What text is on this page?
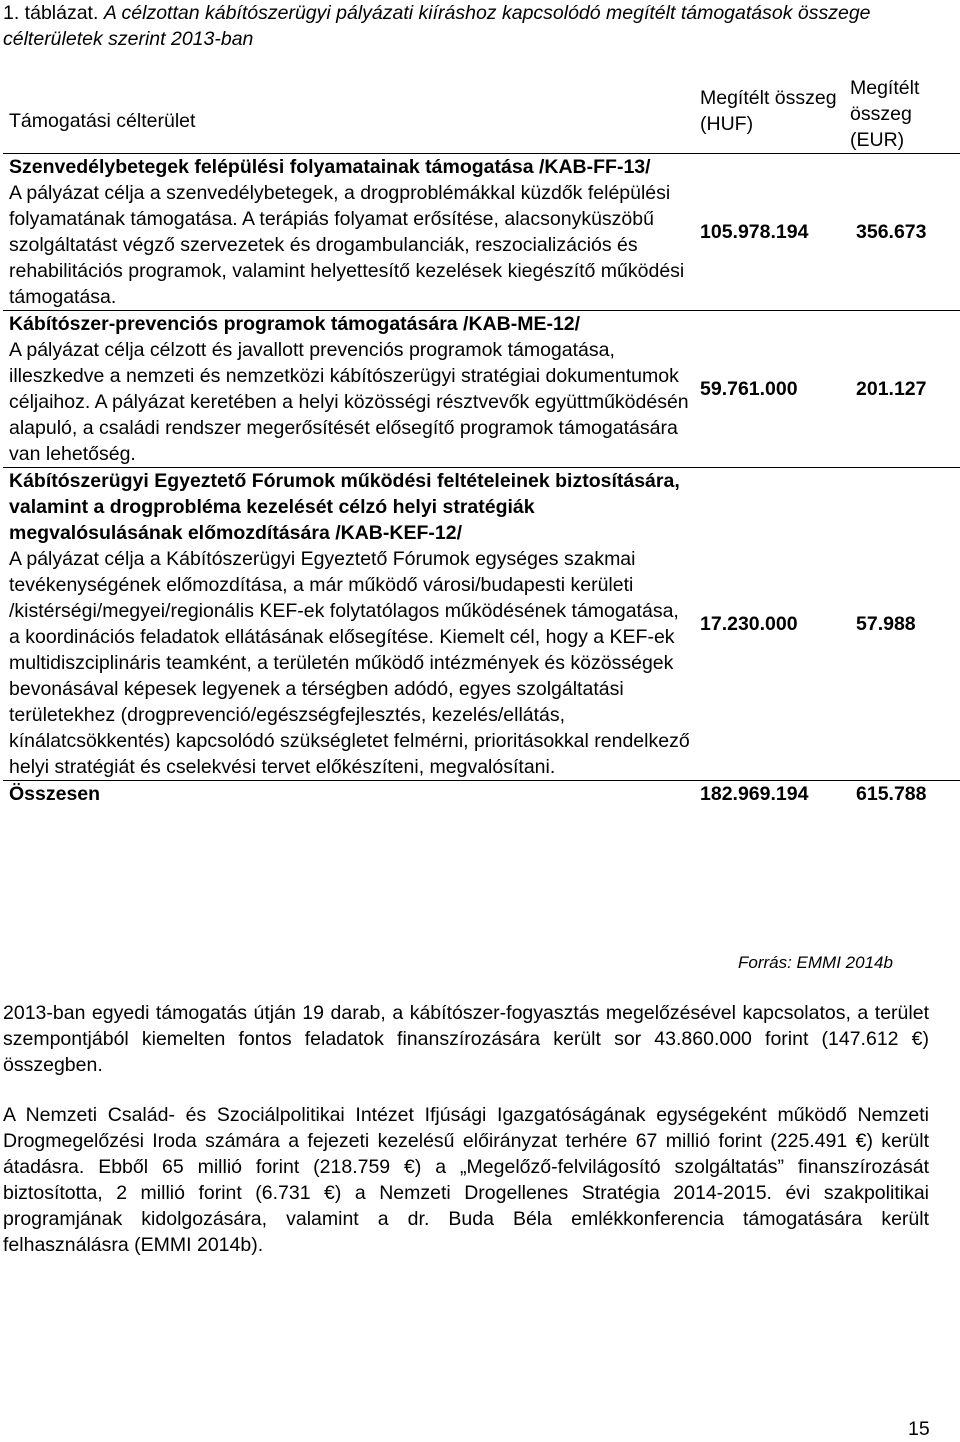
1. táblázat. A célzottan kábítószerügyi pályázati kiíráshoz kapcsolódó megítélt támogatások összege célterületek szerint 2013-ban
Támogatási célterület	Megítélt összeg (HUF)	Megítélt
összeg
(EUR)

Szenvedélybetegek felépülési folyamatainak támogatása /KAB-FF-13/
A pályázat célja a szenvedélybetegek, a drogproblémákkal küzdők felépülési folyamatának támogatása. A terápiás folyamat erősítése, alacsonyküszöbű szolgáltatást végző szervezetek és drogambulanciák, reszocializációs és rehabilitációs programok, valamint helyettesítő kezelések kiegészítő működési támogatása.	105.978.194	356.673

Kábítószer-prevenciós programok támogatására /KAB-ME-12/
A pályázat célja célzott és javallott prevenciós programok támogatása, illeszkedve a nemzeti és nemzetközi kábítószerügyi stratégiai dokumentumok céljaihoz. A pályázat keretében a helyi közösségi résztvevők együttműködésén alapuló, a családi rendszer megerősítését elősegítő programok támogatására van lehetőség.	59.761.000	201.127

Kábítószerügyi Egyeztető Fórumok működési feltételeinek biztosítására, valamint a drogprobléma kezelését célzó helyi stratégiák megvalósulásának előmozdítására /KAB-KEF-12/
A pályázat célja a Kábítószerügyi Egyeztető Fórumok egységes szakmai tevékenységének előmozdítása, a már működő városi/budapesti kerületi /kistérségi/megyei/regionális KEF-ek folytatólagos működésének támogatása, a koordinációs feladatok ellátásának elősegítése. Kiemelt cél, hogy a KEF-ek multidiszciplináris teamként, a területén működő intézmények és közösségek bevonásával képesek legyenek a térségben adódó, egyes szolgáltatási területekhez (drogprevenció/egészségfejlesztés, kezelés/ellátás, kínálatcsökkentés) kapcsolódó szükségletet felmérni, prioritásokkal rendelkező helyi stratégiát és cselekvési tervet előkészíteni, megvalósítani.	17.230.000	57.988
Összesen	182.969.194	615.788
Forrás: EMMI 2014b
2013-ban egyedi támogatás útján 19 darab, a kábítószer-fogyasztás megelőzésével kapcsolatos, a terület szempontjából kiemelten fontos feladatok finanszírozására került sor 43.860.000 forint (147.612 €) összegben.
A Nemzeti Család- és Szociálpolitikai Intézet Ifjúsági Igazgatóságának egységeként működő Nemzeti Drogmegelőzési Iroda számára a fejezeti kezelésű előirányzat terhére 67 millió forint (225.491 €) került átadásra. Ebből 65 millió forint (218.759 €) a „Megelőző-felvilágosító szolgáltatás” finanszírozását biztosította, 2 millió forint (6.731 €) a Nemzeti Drogellenes Stratégia 2014-2015. évi szakpolitikai programjának kidolgozására, valamint a dr. Buda Béla emlékkonferencia támogatására került felhasználásra (EMMI 2014b).
15
